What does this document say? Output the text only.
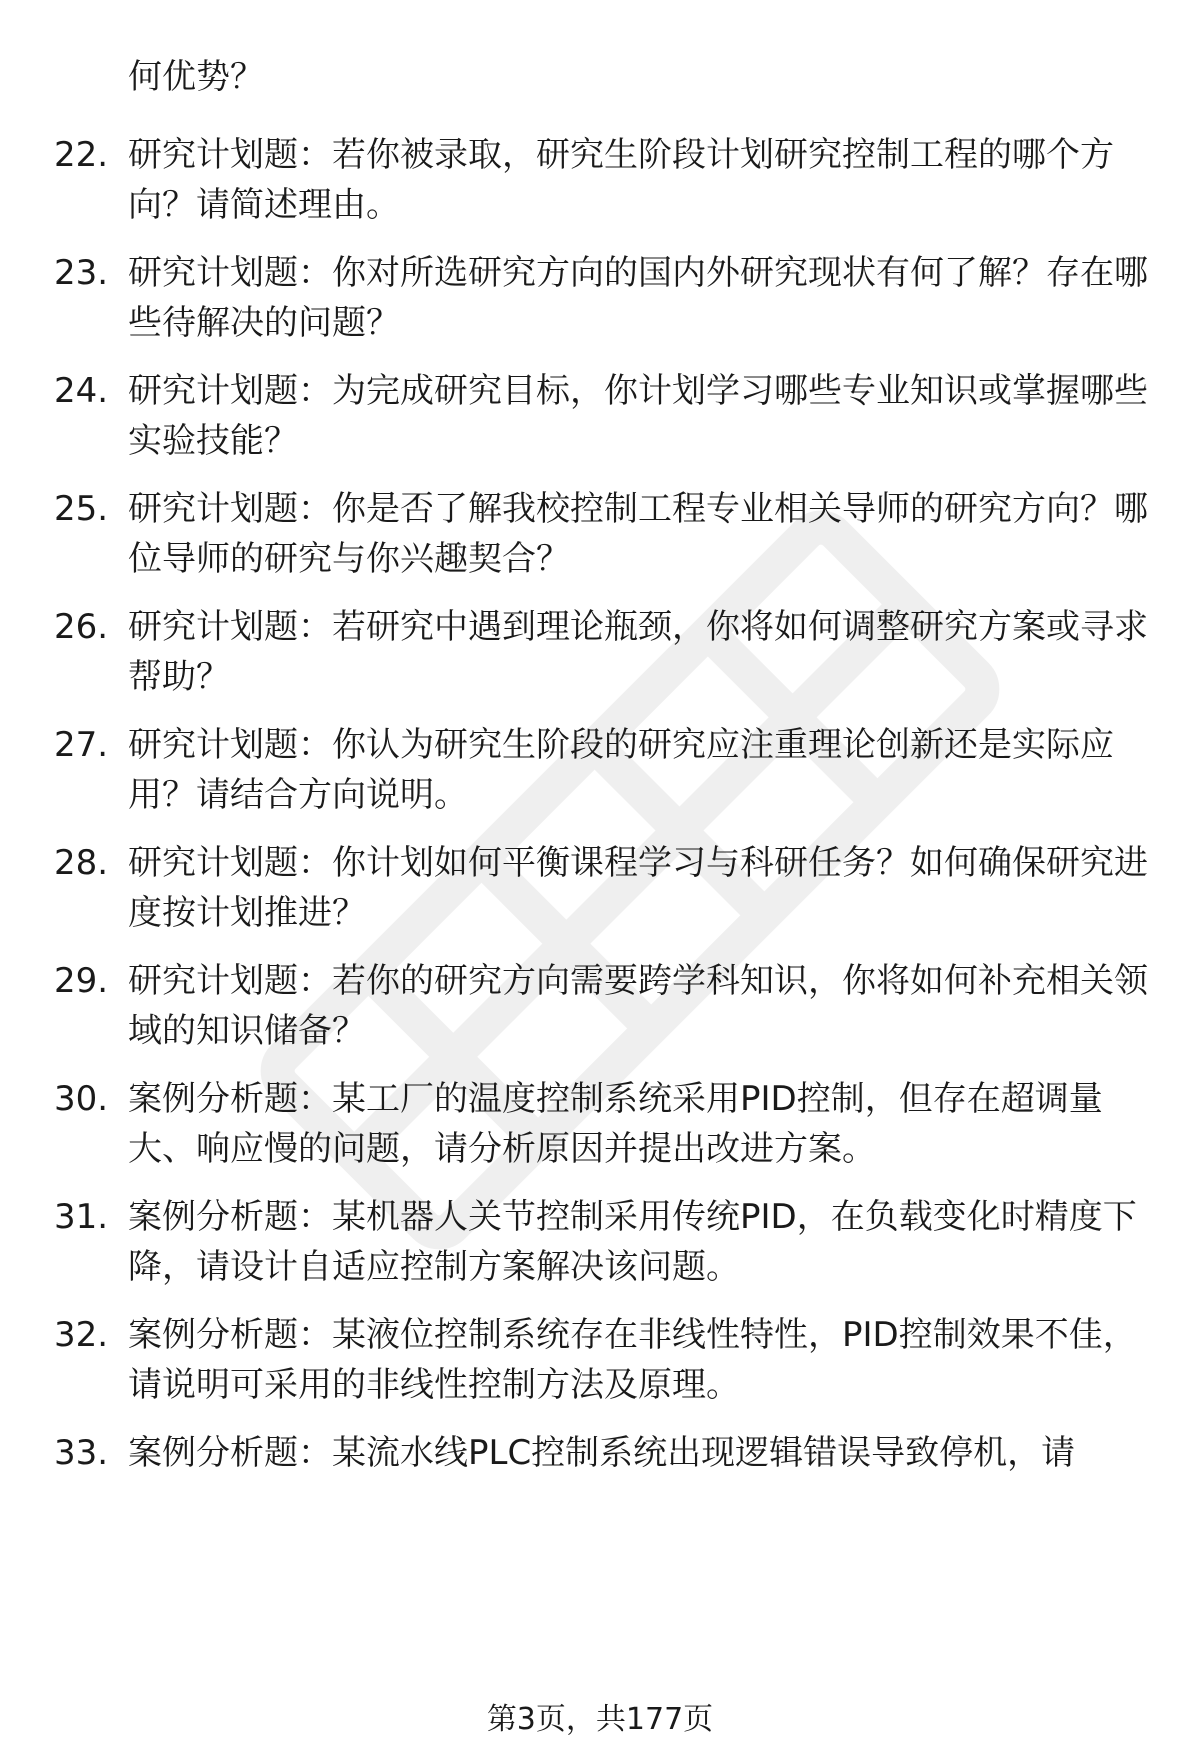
何优势？

22. 研究计划题：若你被录取，研究生阶段计划研究控制工程的哪个方向？请简述理由。

23. 研究计划题：你对所选研究方向的国内外研究现状有何了解？存在哪些待解决的问题？

24. 研究计划题：为完成研究目标，你计划学习哪些专业知识或掌握哪些实验技能？

25. 研究计划题：你是否了解我校控制工程专业相关导师的研究方向？哪位导师的研究与你兴趣契合？

26. 研究计划题：若研究中遇到理论瓶颈，你将如何调整研究方案或寻求帮助？

27. 研究计划题：你认为研究生阶段的研究应注重理论创新还是实际应用？请结合方向说明。

28. 研究计划题：你计划如何平衡课程学习与科研任务？如何确保研究进度按计划推进？

29. 研究计划题：若你的研究方向需要跨学科知识，你将如何补充相关领域的知识储备？

30. 案例分析题：某工厂的温度控制系统采用PID控制，但存在超调量大、响应慢的问题，请分析原因并提出改进方案。

31. 案例分析题：某机器人关节控制采用传统PID，在负载变化时精度下降，请设计自适应控制方案解决该问题。

32. 案例分析题：某液位控制系统存在非线性特性，PID控制效果不佳，请说明可采用的非线性控制方法及原理。

33. 案例分析题：某流水线PLC控制系统出现逻辑错误导致停机，请

第3页，共177页
